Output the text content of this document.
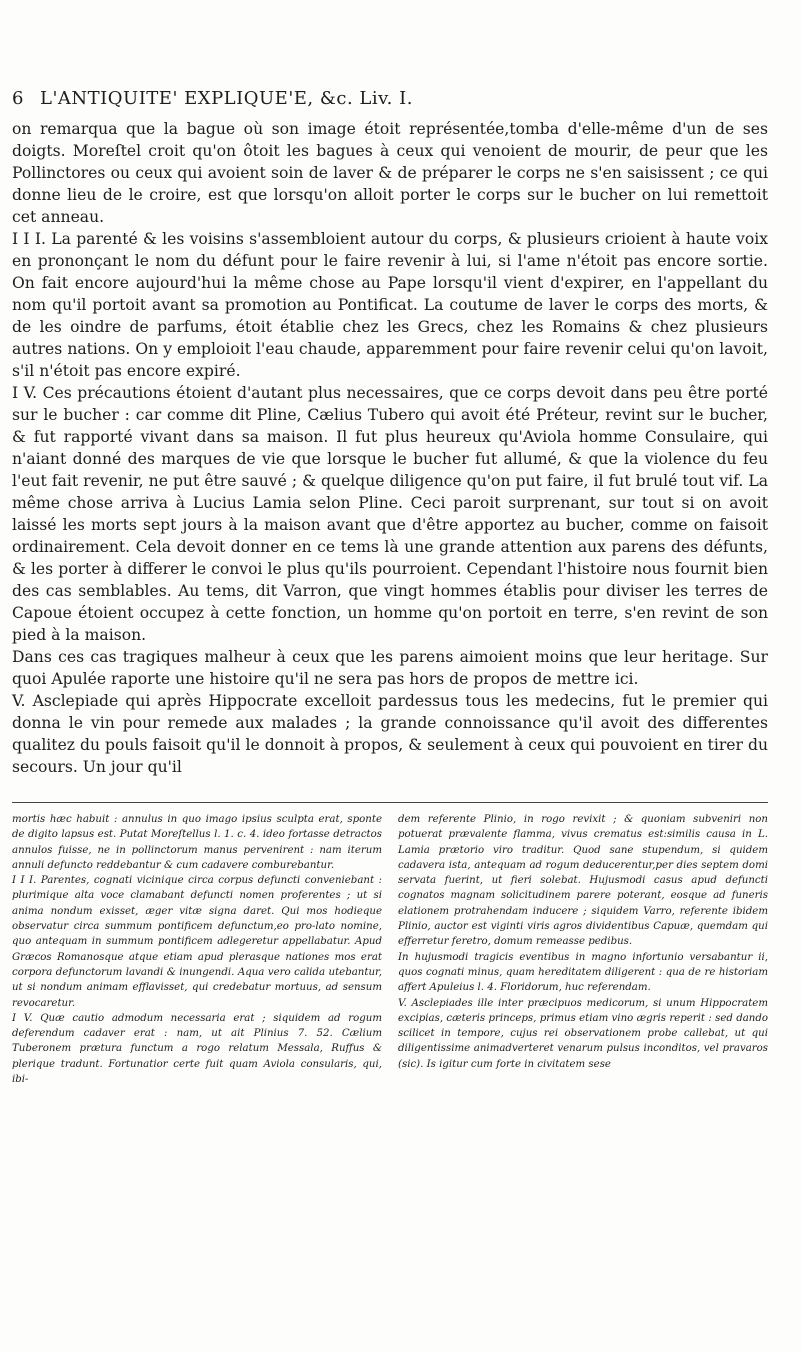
6 L'ANTIQUITE' EXPLIQUE'E, &c. Liv. I.

on remarqua que la bague où son image étoit représentée,tomba d'elle-même d'un de ses doigts. Moreſtel croit qu'on ôtoit les bagues à ceux qui venoient de mourir, de peur que les Pollinctores ou ceux qui avoient soin de laver & de préparer le corps ne s'en saisissent ; ce qui donne lieu de le croire, est que lorsqu'on alloit porter le corps sur le bucher on lui remettoit cet anneau.

I I I. La parenté & les voisins s'assembloient autour du corps, & plusieurs crioient à haute voix en prononçant le nom du défunt pour le faire revenir à lui, si l'ame n'étoit pas encore sortie. On fait encore aujourd'hui la même chose au Pape lorsqu'il vient d'expirer, en l'appellant du nom qu'il portoit avant sa promotion au Pontificat. La coutume de laver le corps des morts, & de les oindre de parfums, étoit établie chez les Grecs, chez les Romains & chez plusieurs autres nations. On y emploioit l'eau chaude, apparemment pour faire revenir celui qu'on lavoit, s'il n'étoit pas encore expiré.

I V. Ces précautions étoient d'autant plus necessaires, que ce corps devoit dans peu être porté sur le bucher : car comme dit Pline, Cælius Tubero qui avoit été Préteur, revint sur le bucher, & fut rapporté vivant dans sa maison. Il fut plus heureux qu'Aviola homme Consulaire, qui n'aiant donné des marques de vie que lorsque le bucher fut allumé, & que la violence du feu l'eut fait revenir, ne put être sauvé ; & quelque diligence qu'on put faire, il fut brulé tout vif. La même chose arriva à Lucius Lamia selon Pline. Ceci paroit surprenant, sur tout si on avoit laissé les morts sept jours à la maison avant que d'être apportez au bucher, comme on faisoit ordinairement. Cela devoit donner en ce tems là une grande attention aux parens des défunts, & les porter à differer le convoi le plus qu'ils pourroient. Cependant l'histoire nous fournit bien des cas semblables. Au tems, dit Varron, que vingt hommes établis pour diviser les terres de Capoue étoient occupez à cette fonction, un homme qu'on portoit en terre, s'en revint de son pied à la maison.

Dans ces cas tragiques malheur à ceux que les parens aimoient moins que leur heritage. Sur quoi Apulée raporte une histoire qu'il ne sera pas hors de propos de mettre ici.

V. Asclepiade qui après Hippocrate excelloit pardessus tous les medecins, fut le premier qui donna le vin pour remede aux malades ; la grande connoissance qu'il avoit des differentes qualitez du pouls faisoit qu'il le donnoit à propos, & seulement à ceux qui pouvoient en tirer du secours. Un jour qu'il

mortis hæc habuit : annulus in quo imago ipsius sculpta erat, sponte de digito lapsus est. Putat Moreſtellus l. 1. c. 4. ideo fortasse detractos annulos fuisse, ne in pollinctorum manus pervenirent : nam iterum annuli defuncto reddebantur & cum cadavere comburebantur.

I I I. Parentes, cognati vicinique circa corpus defuncti conveniebant : plurimique alta voce clamabant defuncti nomen proferentes ; ut si anima nondum exisset, æger vitæ signa daret. Qui mos hodieque observatur circa summum pontificem defunctum,eo pro-lato nomine, quo antequam in summum pontificem adlegeretur appellabatur. Apud Græcos Romanosque atque etiam apud plerasque nationes mos erat corpora defunctorum lavandi & inungendi. Aqua vero calida utebantur, ut si nondum animam efflavisset, qui credebatur mortuus, ad sensum revocaretur.

I V. Quæ cautio admodum necessaria erat ; siquidem ad rogum deferendum cadaver erat : nam, ut ait Plinius 7. 52. Cælium Tuberonem prætura functum a rogo relatum Messala, Ruffus & plerique tradunt. Fortunatior certe fuit quam Aviola consularis, qui, ibi-

dem referente Plinio, in rogo revixit ; & quoniam subveniri non potuerat prævalente flamma, vivus crematus est:similis causa in L. Lamia prætorio viro traditur. Quod sane stupendum, si quidem cadavera ista, antequam ad rogum deducerentur,per dies septem domi servata fuerint, ut fieri solebat. Hujusmodi casus apud defuncti cognatos magnam solicitudinem parere poterant, eosque ad funeris elationem protrahendam inducere ; siquidem Varro, referente ibidem Plinio, auctor est viginti viris agros dividentibus Capuæ, quemdam qui efferretur feretro, domum remeasse pedibus.

In hujusmodi tragicis eventibus in magno infortunio versabantur ii, quos cognati minus, quam hereditatem diligerent : qua de re historiam affert Apuleius l. 4. Floridorum, huc referendam.

V. Asclepiades ille inter præcipuos medicorum, si unum Hippocratem excipias, cæteris princeps, primus etiam vino ægris reperit : sed dando scilicet in tempore, cujus rei observationem probe callebat, ut qui diligentissime animadverteret venarum pulsus inconditos, vel pravaros (sic). Is igitur cum forte in civitatem sese
